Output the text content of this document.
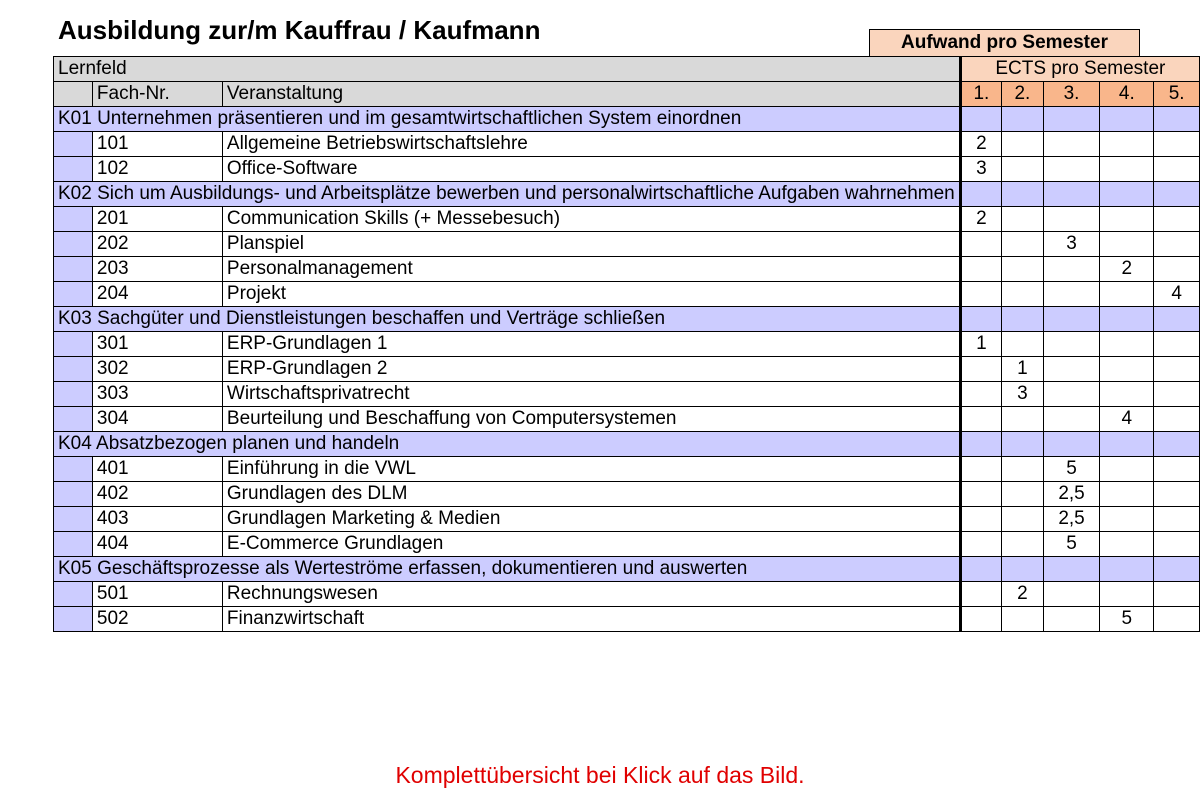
Ausbildung zur/m Kauffrau / Kaufmann	Aufwand pro Semester
Lernfeld			ECTS pro Semester				
	Fach-Nr.	Veranstaltung	1.	2.	3.	4.	5.
K01 Unternehmen präsentieren und im gesamtwirtschaftlichen System einordnen							
	101	Allgemeine Betriebswirtschaftslehre	2				
	102	Office-Software	3				
K02 Sich um Ausbildungs- und Arbeitsplätze bewerben und personalwirtschaftliche Aufgaben wahrnehmen							
	201	Communication Skills (+ Messebesuch)	2				
	202	Planspiel			3		
	203	Personalmanagement				2	
	204	Projekt					4
K03 Sachgüter und Dienstleistungen beschaffen und Verträge schließen							
	301	ERP-Grundlagen 1	1				
	302	ERP-Grundlagen 2		1			
	303	Wirtschaftsprivatrecht		3			
	304	Beurteilung und Beschaffung von Computersystemen				4	
K04 Absatzbezogen planen und handeln							
	401	Einführung in die VWL			5		
	402	Grundlagen des DLM			2,5		
	403	Grundlagen Marketing & Medien			2,5		
	404	E-Commerce Grundlagen			5		
K05 Geschäftsprozesse als Werteströme erfassen, dokumentieren und auswerten							
	501	Rechnungswesen		2			
	502	Finanzwirtschaft				5	
Komplettübersicht bei Klick auf das Bild.
